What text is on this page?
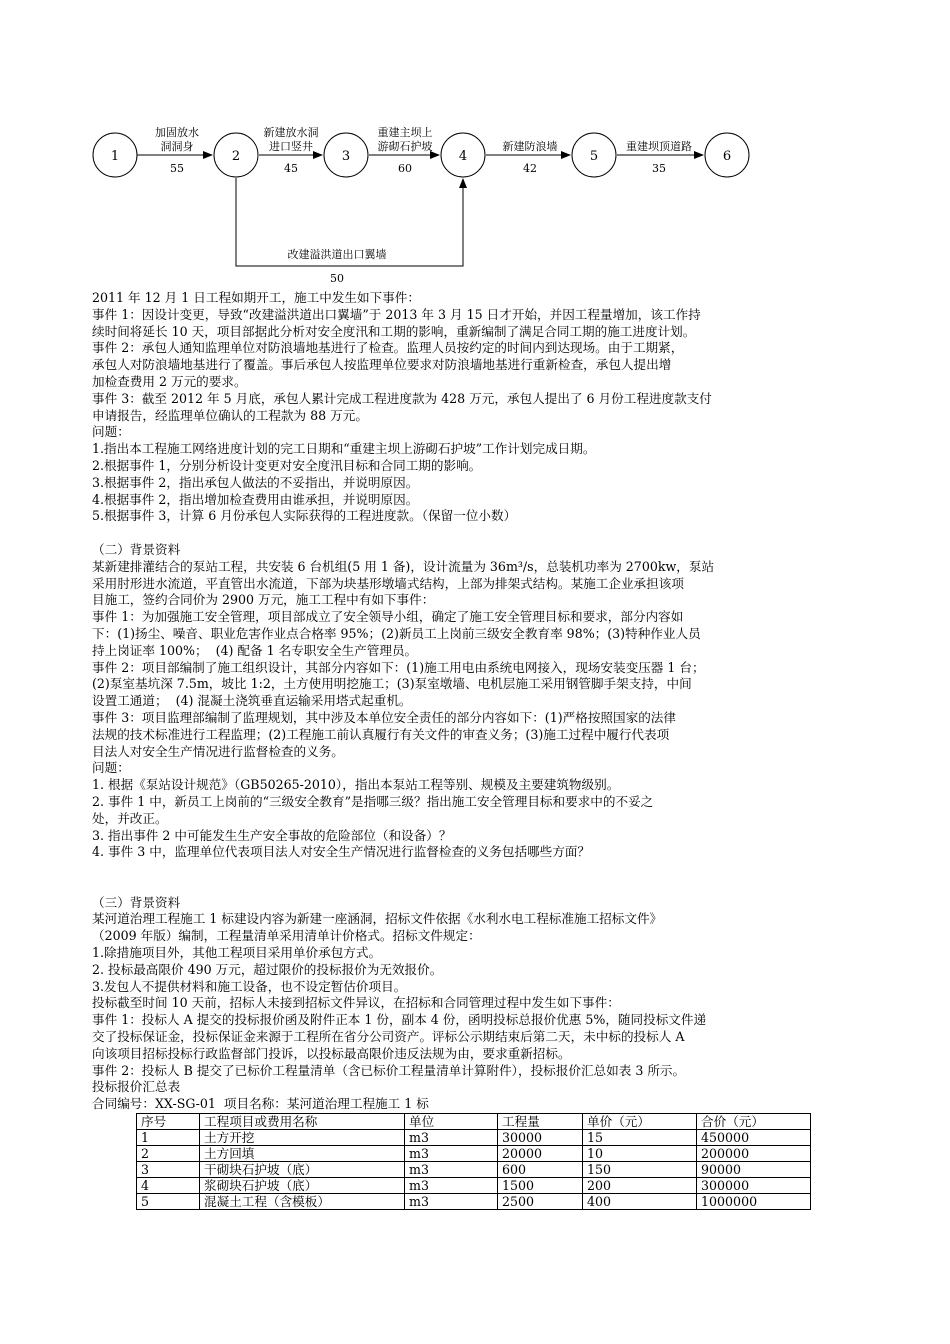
1	2	3	4	5	6
加固放水
洞洞身
55
新建放水洞
进口竖井
45
重建主坝上
游砌石护坡
60
新建防浪墙
42
重建坝顶道路
35
改建溢洪道出口翼墙
50

2011 年 12 月 1 日工程如期开工，施工中发生如下事件：

事件 1：因设计变更，导致“改建溢洪道出口翼墙”于 2013 年 3 月 15 日才开始，并因工程量增加，该工作持

续时间将延长 10 天，项目部据此分析对安全度汛和工期的影响，重新编制了满足合同工期的施工进度计划。

事件 2：承包人通知监理单位对防浪墙地基进行了检查。监理人员按约定的时间内到达现场。由于工期紧，

承包人对防浪墙地基进行了覆盖。事后承包人按监理单位要求对防浪墙地基进行重新检查，承包人提出增

加检查费用 2 万元的要求。

事件 3：截至 2012 年 5 月底，承包人累计完成工程进度款为 428 万元，承包人提出了 6 月份工程进度款支付

申请报告，经监理单位确认的工程款为 88 万元。

问题：

1.指出本工程施工网络进度计划的完工日期和“重建主坝上游砌石护坡”工作计划完成日期。

2.根据事件 1，分别分析设计变更对安全度汛目标和合同工期的影响。

3.根据事件 2，指出承包人做法的不妥指出，并说明原因。

4.根据事件 2，指出增加检查费用由谁承担，并说明原因。

5.根据事件 3，计算 6 月份承包人实际获得的工程进度款。（保留一位小数）

（二）背景资料

某新建排灌结合的泵站工程，共安装 6 台机组(5 用 1 备)，设计流量为 36m³/s，总装机功率为 2700kw，泵站

采用肘形进水流道，平直管出水流道，下部为块基形墩墙式结构，上部为排架式结构。某施工企业承担该项

目施工，签约合同价为 2900 万元，施工工程中有如下事件：

事件 1：为加强施工安全管理，项目部成立了安全领导小组，确定了施工安全管理目标和要求，部分内容如

下：(1)扬尘、噪音、职业危害作业点合格率 95%；(2)新员工上岗前三级安全教育率 98%；(3)特种作业人员

持上岗证率 100%；  (4) 配备 1 名专职安全生产管理员。

事件 2：项目部编制了施工组织设计，其部分内容如下：(1)施工用电由系统电网接入，现场安装变压器 1 台；

(2)泵室基坑深 7.5m，坡比 1:2，土方使用明挖施工；(3)泵室墩墙、电机层施工采用钢管脚手架支持，中间

设置工通道；  (4) 混凝土浇筑垂直运输采用塔式起重机。

事件 3：项目监理部编制了监理规划，其中涉及本单位安全责任的部分内容如下：(1)严格按照国家的法律

法规的技术标准进行工程监理；(2)工程施工前认真履行有关文件的审查义务；(3)施工过程中履行代表项

目法人对安全生产情况进行监督检查的义务。

问题：

1. 根据《泵站设计规范》（GB50265-2010），指出本泵站工程等别、规模及主要建筑物级别。

2. 事件 1 中，新员工上岗前的“三级安全教育”是指哪三级？指出施工安全管理目标和要求中的不妥之

处，并改正。

3. 指出事件 2 中可能发生生产安全事故的危险部位（和设备）？

4. 事件 3 中，监理单位代表项目法人对安全生产情况进行监督检查的义务包括哪些方面？

（三）背景资料

某河道治理工程施工 1 标建设内容为新建一座涵洞，招标文件依据《水利水电工程标准施工招标文件》

（2009 年版）编制，工程量清单采用清单计价格式。招标文件规定：

1.除措施项目外，其他工程项目采用单价承包方式。

2. 投标最高限价 490 万元，超过限价的投标报价为无效报价。

3.发包人不提供材料和施工设备，也不设定暂估价项目。

投标截至时间 10 天前，招标人未接到招标文件异议，在招标和合同管理过程中发生如下事件：

事件 1：投标人 A 提交的投标报价函及附件正本 1 份，副本 4 份，函明投标总报价优惠 5%，随同投标文件递

交了投标保证金，投标保证金来源于工程所在省分公司资产。评标公示期结束后第二天，未中标的投标人 A

向该项目招标投标行政监督部门投诉，以投标最高限价违反法规为由，要求重新招标。

事件 2：投标人 B 提交了已标价工程量清单（含已标价工程量清单计算附件），投标报价汇总如表 3 所示。

投标报价汇总表

合同编号：XX-SG-01  项目名称：某河道治理工程施工 1 标

序号	工程项目或费用名称	单位	工程量	单价（元）	合价（元）
1	土方开挖	m3	30000	15	450000
2	土方回填	m3	20000	10	200000
3	干砌块石护坡（底）	m3	600	150	90000
4	浆砌块石护坡（底）	m3	1500	200	300000
5	混凝土工程（含模板）	m3	2500	400	1000000
